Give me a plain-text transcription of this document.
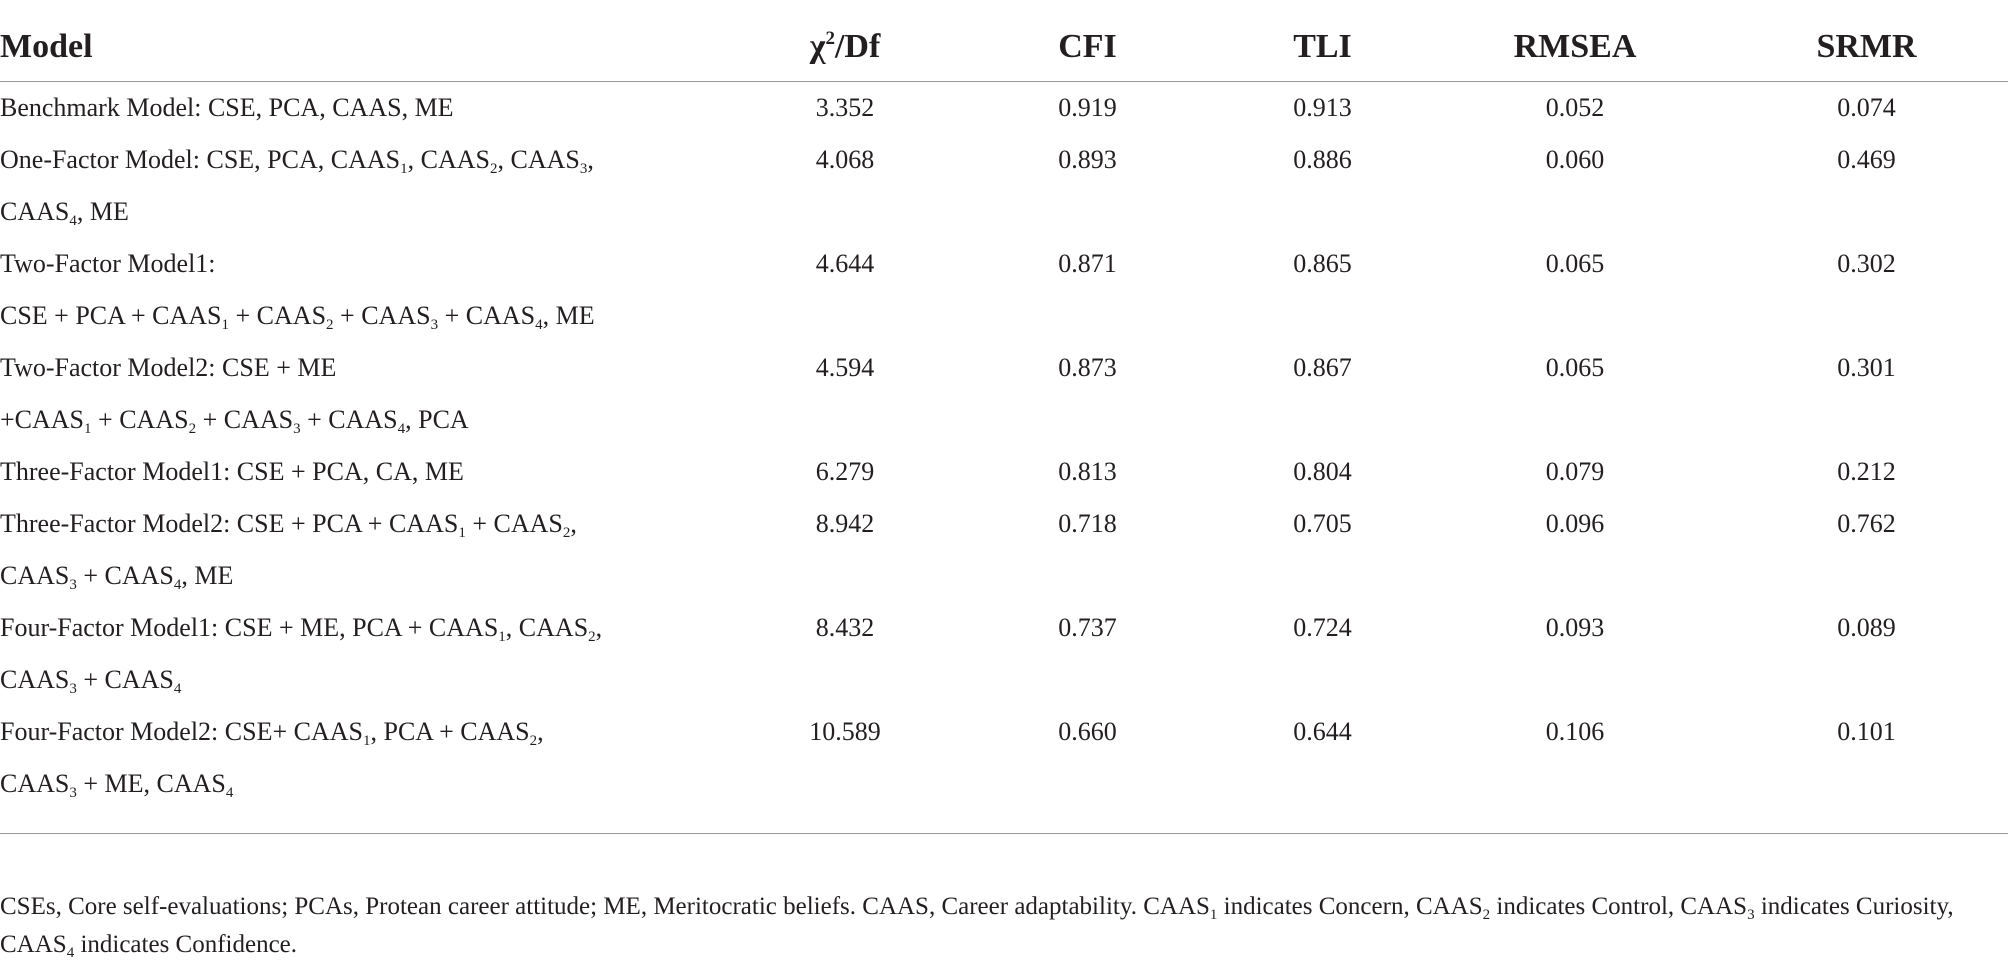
Model	$\chi^2/Df$	CFI	TLI	RMSEA	SRMR

Benchmark Model: CSE, PCA, CAAS, ME	3.352	0.919	0.913	0.052	0.074

One-Factor Model: CSE, PCA, $CAAS_1$, $CAAS_2$, $CAAS_3$,
$CAAS_4$, ME	4.068	0.893	0.886	0.060	0.469

Two-Factor Model1:
CSE + PCA + $CAAS_1$ + $CAAS_2$ + $CAAS_3$ + $CAAS_4$, ME	4.644	0.871	0.865	0.065	0.302

Two-Factor Model2: CSE + ME
$+CAAS_1$ + $CAAS_2$ + $CAAS_3$ + $CAAS_4$, PCA	4.594	0.873	0.867	0.065	0.301

Three-Factor Model1: CSE + PCA, CA, ME	6.279	0.813	0.804	0.079	0.212

Three-Factor Model2: CSE + PCA + $CAAS_1$ + $CAAS_2$,
$CAAS_3$ + $CAAS_4$, ME	8.942	0.718	0.705	0.096	0.762

Four-Factor Model1: CSE + ME, PCA + $CAAS_1$, $CAAS_2$,
$CAAS_3$ + $CAAS_4$	8.432	0.737	0.724	0.093	0.089

Four-Factor Model2: $CSE+ CAAS_1$, PCA + $CAAS_2$,
$CAAS_3$ + ME, $CAAS_4$	10.589	0.660	0.644	0.106	0.101
CSEs, Core self-evaluations; PCAs, Protean career attitude; ME, Meritocratic beliefs. CAAS, Career adaptability. $CAAS_1$ indicates Concern, $CAAS_2$ indicates Control, $CAAS_3$ indicates Curiosity, $CAAS_4$ indicates Confidence.
